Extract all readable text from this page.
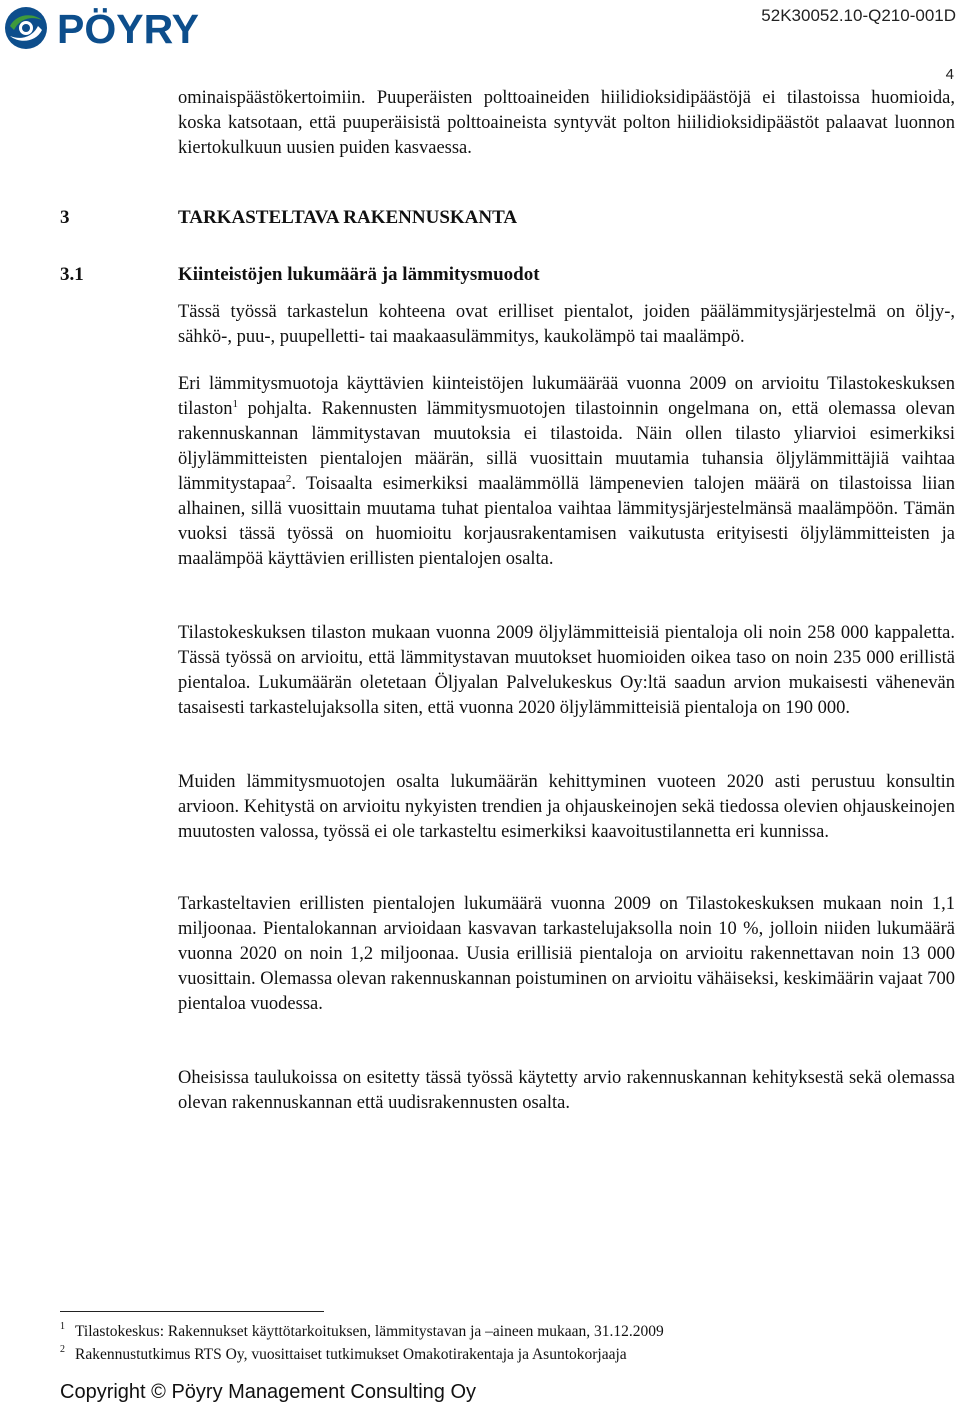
PÖYRY	52K30052.10-Q210-001D
4

ominaispäästökertoimiin. Puuperäisten polttoaineiden hiilidioksidipäästöjä ei tilastoissa huomioida, koska katsotaan, että puuperäisistä polttoaineista syntyvät polton hiilidioksidipäästöt palaavat luonnon kiertokulkuun uusien puiden kasvaessa.

3	TARKASTELTAVA RAKENNUSKANTA
3.1	Kiinteistöjen lukumäärä ja lämmitysmuodot

Tässä työssä tarkastelun kohteena ovat erilliset pientalot, joiden päälämmitysjärjestelmä on öljy-, sähkö-, puu-, puupelletti- tai maakaasulämmitys, kaukolämpö tai maalämpö.

Eri lämmitysmuotoja käyttävien kiinteistöjen lukumäärää vuonna 2009 on arvioitu Tilastokeskuksen tilaston$^1$ pohjalta. Rakennusten lämmitysmuotojen tilastoinnin ongelmana on, että olemassa olevan rakennuskannan lämmitystavan muutoksia ei tilastoida. Näin ollen tilasto yliarvioi esimerkiksi öljylämmitteisten pientalojen määrän, sillä vuosittain muutamia tuhansia öljylämmittäjiä vaihtaa lämmitystapaa$^2$. Toisaalta esimerkiksi maalämmöllä lämpenevien talojen määrä on tilastoissa liian alhainen, sillä vuosittain muutama tuhat pientaloa vaihtaa lämmitysjärjestelmänsä maalämpöön. Tämän vuoksi tässä työssä on huomioitu korjausrakentamisen vaikutusta erityisesti öljylämmitteisten ja maalämpöä käyttävien erillisten pientalojen osalta.

Tilastokeskuksen tilaston mukaan vuonna 2009 öljylämmitteisiä pientaloja oli noin 258 000 kappaletta. Tässä työssä on arvioitu, että lämmitystavan muutokset huomioiden oikea taso on noin 235 000 erillistä pientaloa. Lukumäärän oletetaan Öljyalan Palvelukeskus Oy:ltä saadun arvion mukaisesti vähenevän tasaisesti tarkastelujaksolla siten, että vuonna 2020 öljylämmitteisiä pientaloja on 190 000.

Muiden lämmitysmuotojen osalta lukumäärän kehittyminen vuoteen 2020 asti perustuu konsultin arvioon. Kehitystä on arvioitu nykyisten trendien ja ohjauskeinojen sekä tiedossa olevien ohjauskeinojen muutosten valossa, työssä ei ole tarkasteltu esimerkiksi kaavoitustilannetta eri kunnissa.

Tarkasteltavien erillisten pientalojen lukumäärä vuonna 2009 on Tilastokeskuksen mukaan noin 1,1 miljoonaa. Pientalokannan arvioidaan kasvavan tarkastelujaksolla noin 10 %, jolloin niiden lukumäärä vuonna 2020 on noin 1,2 miljoonaa. Uusia erillisiä pientaloja on arvioitu rakennettavan noin 13 000 vuosittain. Olemassa olevan rakennuskannan poistuminen on arvioitu vähäiseksi, keskimäärin vajaat 700 pientaloa vuodessa.

Oheisissa taulukoissa on esitetty tässä työssä käytetty arvio rakennuskannan kehityksestä sekä olemassa olevan rakennuskannan että uudisrakennusten osalta.

$^1$ Tilastokeskus: Rakennukset käyttötarkoituksen, lämmitystavan ja –aineen mukaan, 31.12.2009
$^2$ Rakennustutkimus RTS Oy, vuosittaiset tutkimukset Omakotirakentaja ja Asuntokorjaaja
Copyright © Pöyry Management Consulting Oy
